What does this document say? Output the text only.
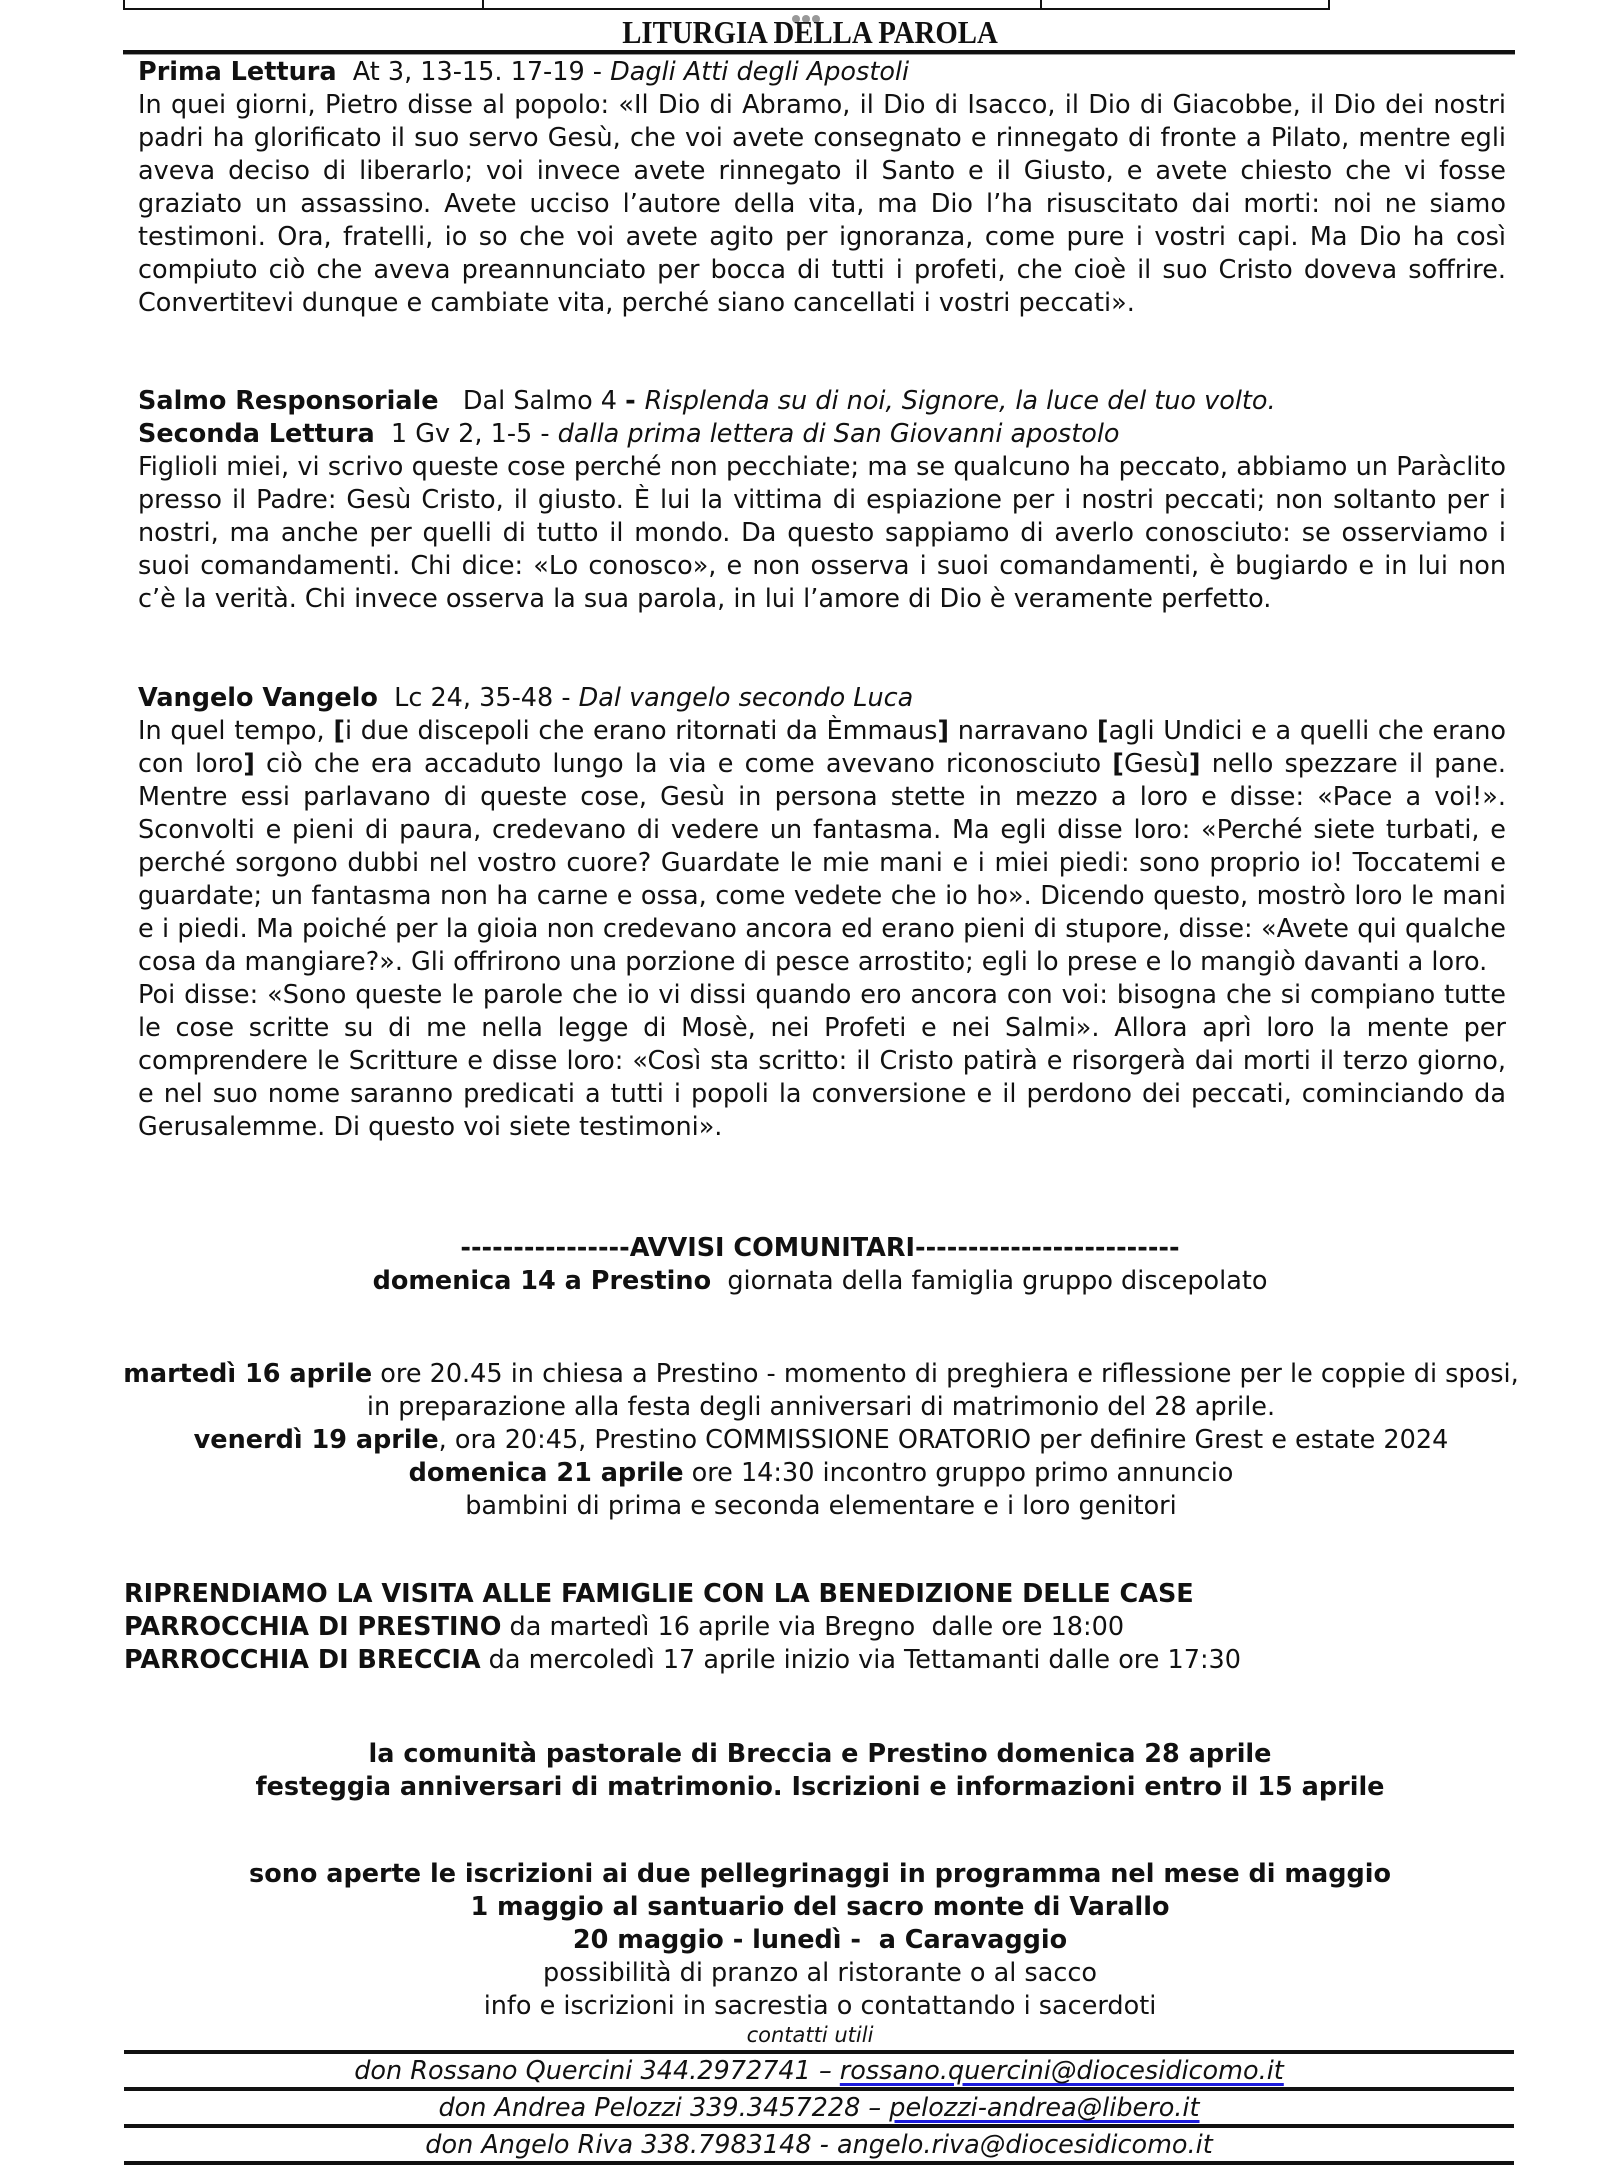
LITURGIA DELLA PAROLA

Prima Lettura At 3, 13-15. 17-19 - Dagli Atti degli Apostoli

In quei giorni, Pietro disse al popolo: «Il Dio di Abramo, il Dio di Isacco, il Dio di Giacobbe, il Dio dei nostri padri ha glorificato il suo servo Gesù, che voi avete consegnato e rinnegato di fronte a Pilato, mentre egli aveva deciso di liberarlo; voi invece avete rinnegato il Santo e il Giusto, e avete chiesto che vi fosse graziato un assassino. Avete ucciso l’autore della vita, ma Dio l’ha risuscitato dai morti: noi ne siamo testimoni. Ora, fratelli, io so che voi avete agito per ignoranza, come pure i vostri capi. Ma Dio ha così compiuto ciò che aveva preannunciato per bocca di tutti i profeti, che cioè il suo Cristo doveva soffrire. Convertitevi dunque e cambiate vita, perché siano cancellati i vostri peccati».

Salmo Responsoriale Dal Salmo 4 - Risplenda su di noi, Signore, la luce del tuo volto.

Seconda Lettura 1 Gv 2, 1-5 - dalla prima lettera di San Giovanni apostolo

Figlioli miei, vi scrivo queste cose perché non pecchiate; ma se qualcuno ha peccato, abbiamo un Paràclito presso il Padre: Gesù Cristo, il giusto. È lui la vittima di espiazione per i nostri peccati; non soltanto per i nostri, ma anche per quelli di tutto il mondo. Da questo sappiamo di averlo conosciuto: se osserviamo i suoi comandamenti. Chi dice: «Lo conosco», e non osserva i suoi comandamenti, è bugiardo e in lui non c’è la verità. Chi invece osserva la sua parola, in lui l’amore di Dio è veramente perfetto.

Vangelo Vangelo Lc 24, 35-48 - Dal vangelo secondo Luca

In quel tempo, [i due discepoli che erano ritornati da Èmmaus] narravano [agli Undici e a quelli che erano con loro] ciò che era accaduto lungo la via e come avevano riconosciuto [Gesù] nello spezzare il pane. Mentre essi parlavano di queste cose, Gesù in persona stette in mezzo a loro e disse: «Pace a voi!». Sconvolti e pieni di paura, credevano di vedere un fantasma. Ma egli disse loro: «Perché siete turbati, e perché sorgono dubbi nel vostro cuore? Guardate le mie mani e i miei piedi: sono proprio io! Toccatemi e guardate; un fantasma non ha carne e ossa, come vedete che io ho». Dicendo questo, mostrò loro le mani e i piedi. Ma poiché per la gioia non credevano ancora ed erano pieni di stupore, disse: «Avete qui qualche cosa da mangiare?». Gli offrirono una porzione di pesce arrostito; egli lo prese e lo mangiò davanti a loro.

Poi disse: «Sono queste le parole che io vi dissi quando ero ancora con voi: bisogna che si compiano tutte le cose scritte su di me nella legge di Mosè, nei Profeti e nei Salmi». Allora aprì loro la mente per comprendere le Scritture e disse loro: «Così sta scritto: il Cristo patirà e risorgerà dai morti il terzo giorno, e nel suo nome saranno predicati a tutti i popoli la conversione e il perdono dei peccati, cominciando da Gerusalemme. Di questo voi siete testimoni».

----------------AVVISI COMUNITARI-------------------------

domenica 14 a Prestino  giornata della famiglia gruppo discepolato

martedì 16 aprile ore 20.45 in chiesa a Prestino - momento di preghiera e riflessione per le coppie di sposi, in preparazione alla festa degli anniversari di matrimonio del 28 aprile.

venerdì 19 aprile, ora 20:45, Prestino COMMISSIONE ORATORIO per definire Grest e estate 2024

domenica 21 aprile ore 14:30 incontro gruppo primo annuncio

bambini di prima e seconda elementare e i loro genitori

RIPRENDIAMO LA VISITA ALLE FAMIGLIE CON LA BENEDIZIONE DELLE CASE

PARROCCHIA DI PRESTINO da martedì 16 aprile via Bregno  dalle ore 18:00

PARROCCHIA DI BRECCIA da mercoledì 17 aprile inizio via Tettamanti dalle ore 17:30

la comunità pastorale di Breccia e Prestino domenica 28 aprile

festeggia anniversari di matrimonio. Iscrizioni e informazioni entro il 15 aprile

sono aperte le iscrizioni ai due pellegrinaggi in programma nel mese di maggio

1 maggio al santuario del sacro monte di Varallo

20 maggio - lunedì -  a Caravaggio

possibilità di pranzo al ristorante o al sacco

info e iscrizioni in sacrestia o contattando i sacerdoti

contatti utili
don Rossano Quercini 344.2972741 – rossano.quercini@diocesidicomo.it
don Andrea Pelozzi 339.3457228 – pelozzi-andrea@libero.it
don Angelo Riva 338.7983148 - angelo.riva@diocesidicomo.it
